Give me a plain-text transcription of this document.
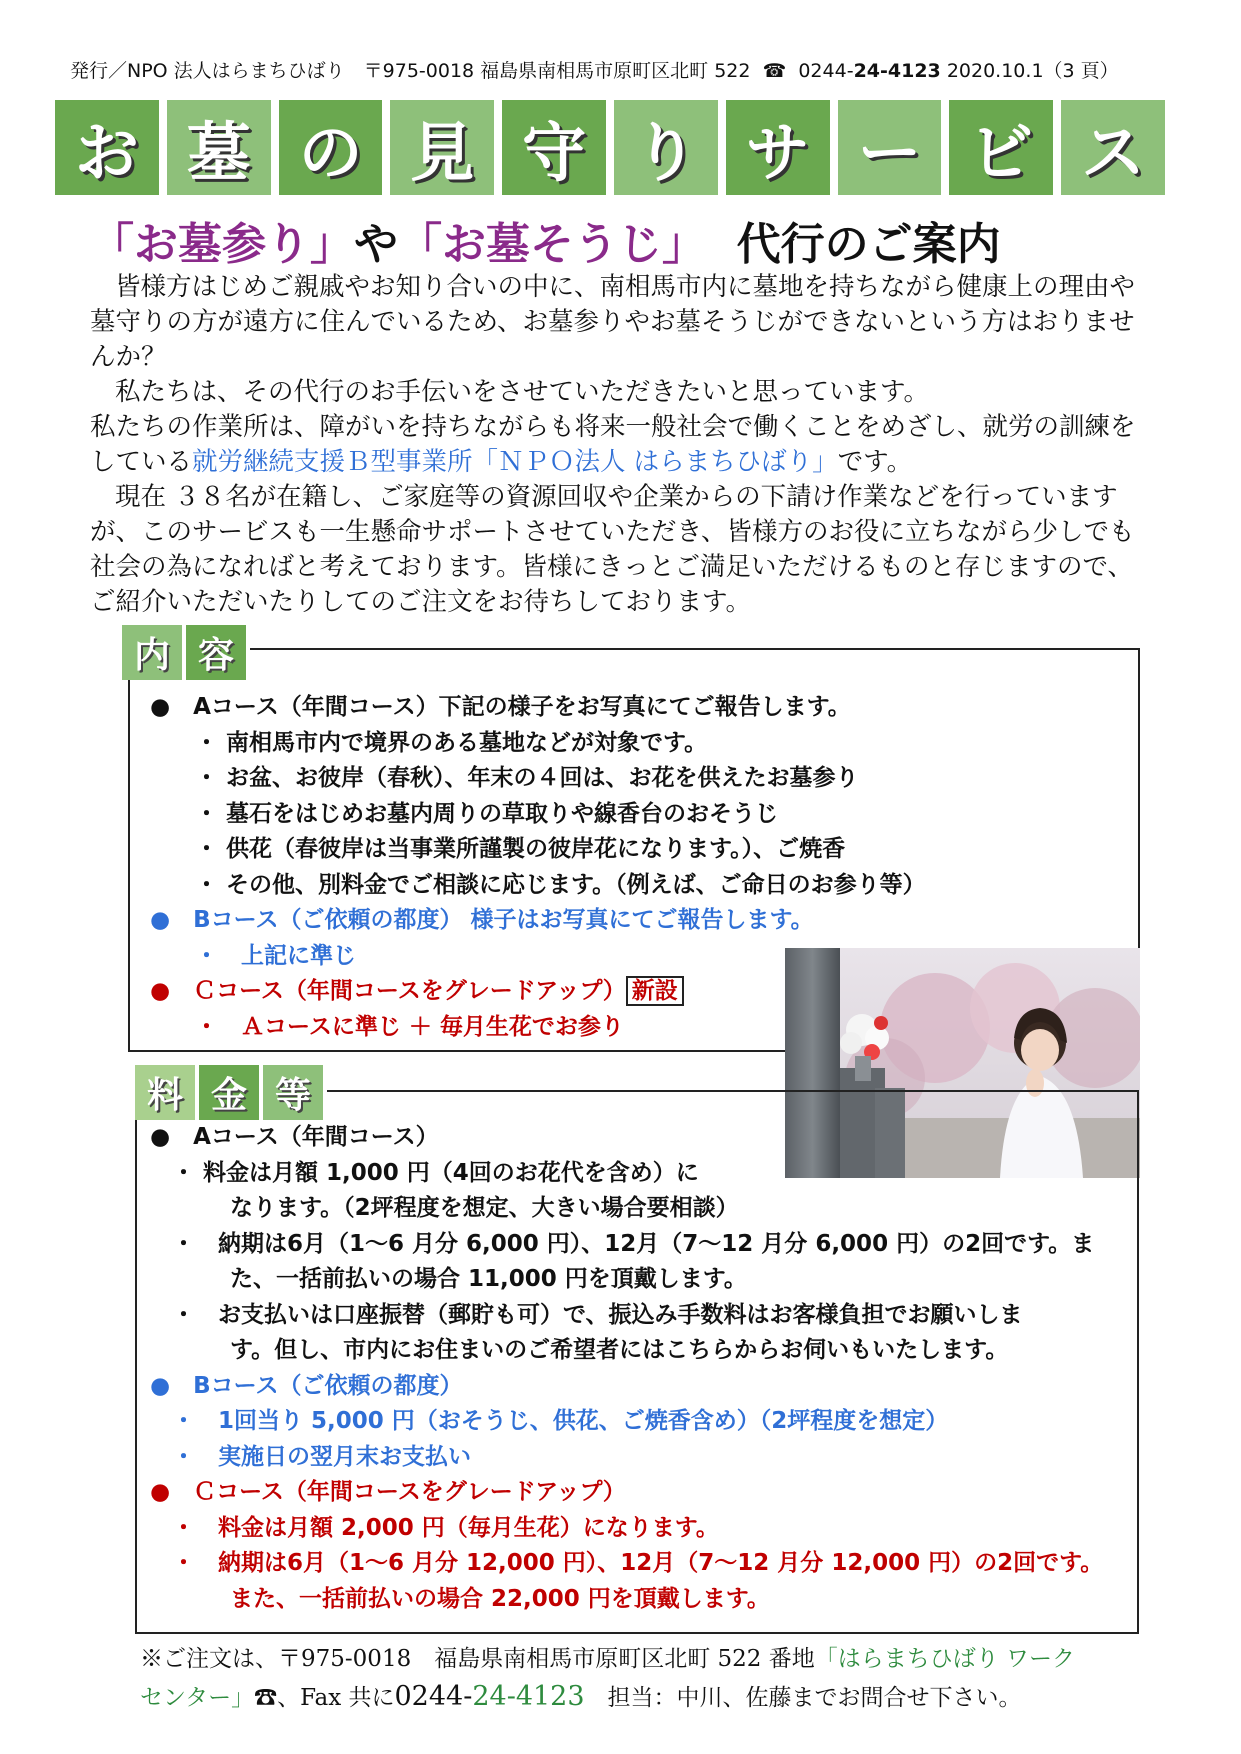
発行／NPO 法人はらまちひばり　〒975-0018 福島県南相馬市原町区北町 522  ☎  0244-24-4123 2020.10.1（3 頁）
お 墓 の 見 守 り サ ー ビ ス
「お墓参り」や「お墓そうじ」 代行のご案内

皆様方はじめご親戚やお知り合いの中に、南相馬市内に墓地を持ちながら健康上の理由や墓守りの方が遠方に住んでいるため、お墓参りやお墓そうじができないという方はおりませんか？

私たちは、その代行のお手伝いをさせていただきたいと思っています。

私たちの作業所は、障がいを持ちながらも将来一般社会で働くことをめざし、就労の訓練をしている就労継続支援Ｂ型事業所「ＮＰＯ法人 はらまちひばり」です。

現在 ３８名が在籍し、ご家庭等の資源回収や企業からの下請け作業などを行っていますが、このサービスも一生懸命サポートさせていただき、皆様方のお役に立ちながら少しでも社会の為になればと考えております。皆様にきっとご満足いただけるものと存じますので、ご紹介いただいたりしてのご注文をお待ちしております。

内 容
●　Aコース（年間コース）下記の様子をお写真にてご報告します。
・ 南相馬市内で境界のある墓地などが対象です。
・ お盆、お彼岸（春秋）、年末の４回は、お花を供えたお墓参り
・ 墓石をはじめお墓内周りの草取りや線香台のおそうじ
・ 供花（春彼岸は当事業所謹製の彼岸花になります。）、ご焼香
・ その他、別料金でご相談に応じます。（例えば、ご命日のお参り等）
●　Bコース（ご依頼の都度） 様子はお写真にてご報告します。
・　上記に準じ
●　Ｃコース（年間コースをグレードアップ） 新設
・　Ａコースに準じ ＋ 毎月生花でお参り
料 金 等
●　Aコース（年間コース）
・ 料金は月額 1,000 円（4回のお花代を含め）に
なります。（2坪程度を想定、大きい場合要相談）
・　納期は6月（1～6 月分 6,000 円）、12月（7～12 月分 6,000 円）の2回です。ま
た、一括前払いの場合 11,000 円を頂戴します。
・　お支払いは口座振替（郵貯も可）で、振込み手数料はお客様負担でお願いしま
す。但し、市内にお住まいのご希望者にはこちらからお伺いもいたします。
●　Bコース（ご依頼の都度）
・　1回当り 5,000 円（おそうじ、供花、ご焼香含め）（2坪程度を想定）
・　実施日の翌月末お支払い
●　Ｃコース（年間コースをグレードアップ）
・　料金は月額 2,000 円（毎月生花）になります。
・　納期は6月（1～6 月分 12,000 円）、12月（7～12 月分 12,000 円）の2回です。
また、一括前払いの場合 22,000 円を頂戴します。
※ご注文は、〒975-0018　福島県南相馬市原町区北町 522 番地「はらまちひばり ワーク
センター」☎、Fax 共に0244-24-4123　担当：中川、佐藤までお問合せ下さい。
